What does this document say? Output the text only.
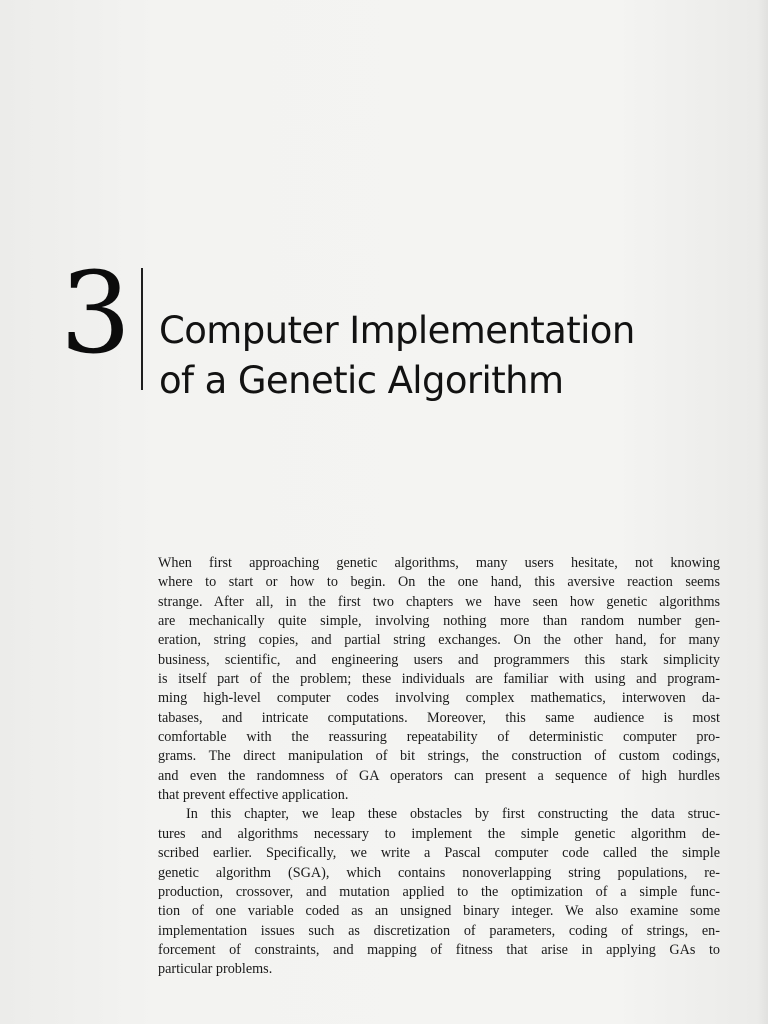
3 Computer Implementation
of a Genetic Algorithm
When first approaching genetic algorithms, many users hesitate, not knowing
where to start or how to begin. On the one hand, this aversive reaction seems
strange. After all, in the first two chapters we have seen how genetic algorithms
are mechanically quite simple, involving nothing more than random number gen-
eration, string copies, and partial string exchanges. On the other hand, for many
business, scientific, and engineering users and programmers this stark simplicity
is itself part of the problem; these individuals are familiar with using and program-
ming high-level computer codes involving complex mathematics, interwoven da-
tabases, and intricate computations. Moreover, this same audience is most
comfortable with the reassuring repeatability of deterministic computer pro-
grams. The direct manipulation of bit strings, the construction of custom codings,
and even the randomness of GA operators can present a sequence of high hurdles
that prevent effective application.
In this chapter, we leap these obstacles by first constructing the data struc-
tures and algorithms necessary to implement the simple genetic algorithm de-
scribed earlier. Specifically, we write a Pascal computer code called the simple
genetic algorithm (SGA), which contains nonoverlapping string populations, re-
production, crossover, and mutation applied to the optimization of a simple func-
tion of one variable coded as an unsigned binary integer. We also examine some
implementation issues such as discretization of parameters, coding of strings, en-
forcement of constraints, and mapping of fitness that arise in applying GAs to
particular problems.
